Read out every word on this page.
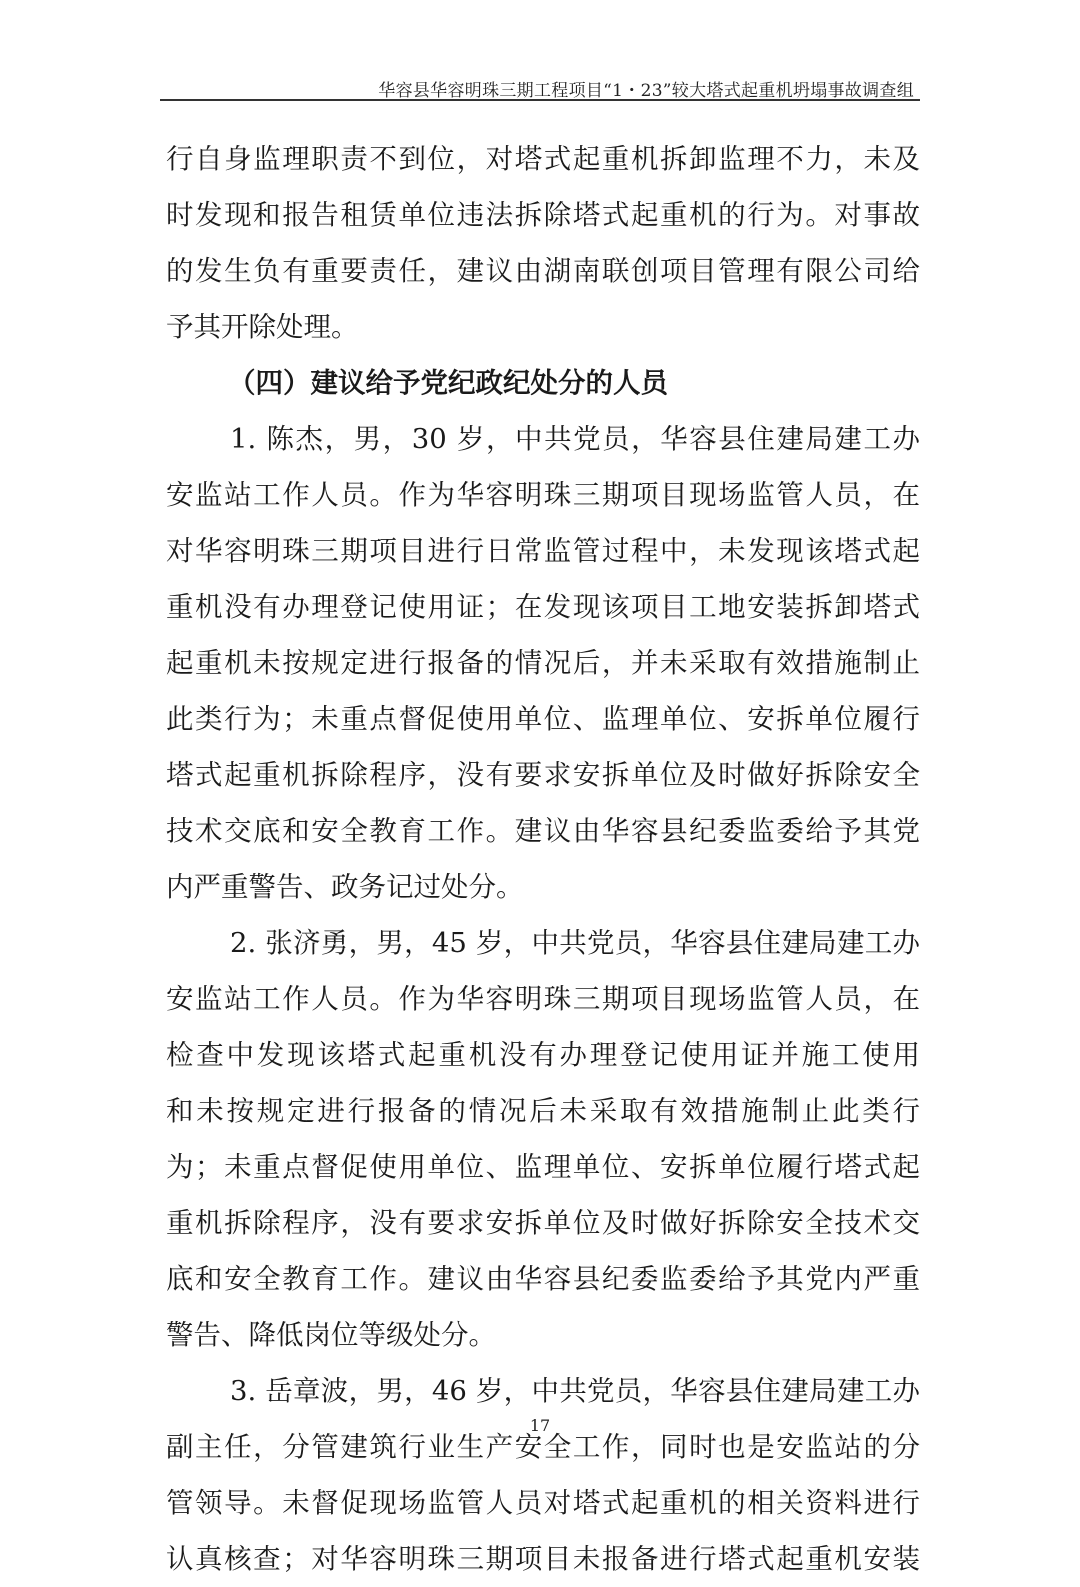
华容县华容明珠三期工程项目“1・23”较大塔式起重机坍塌事故调查组
行自身监理职责不到位，对塔式起重机拆卸监理不力，未及
时发现和报告租赁单位违法拆除塔式起重机的行为。对事故
的发生负有重要责任，建议由湖南联创项目管理有限公司给
予其开除处理。
（四）建议给予党纪政纪处分的人员
1. 陈杰，男，30 岁，中共党员，华容县住建局建工办
安监站工作人员。作为华容明珠三期项目现场监管人员，在
对华容明珠三期项目进行日常监管过程中，未发现该塔式起
重机没有办理登记使用证；在发现该项目工地安装拆卸塔式
起重机未按规定进行报备的情况后，并未采取有效措施制止
此类行为；未重点督促使用单位、监理单位、安拆单位履行
塔式起重机拆除程序，没有要求安拆单位及时做好拆除安全
技术交底和安全教育工作。建议由华容县纪委监委给予其党
内严重警告、政务记过处分。
2. 张济勇，男，45 岁，中共党员，华容县住建局建工办
安监站工作人员。作为华容明珠三期项目现场监管人员，在
检查中发现该塔式起重机没有办理登记使用证并施工使用
和未按规定进行报备的情况后未采取有效措施制止此类行
为；未重点督促使用单位、监理单位、安拆单位履行塔式起
重机拆除程序，没有要求安拆单位及时做好拆除安全技术交
底和安全教育工作。建议由华容县纪委监委给予其党内严重
警告、降低岗位等级处分。
3. 岳章波，男，46 岁，中共党员，华容县住建局建工办
副主任，分管建筑行业生产安全工作，同时也是安监站的分
管领导。未督促现场监管人员对塔式起重机的相关资料进行
认真核查；对华容明珠三期项目未报备进行塔式起重机安装
17
